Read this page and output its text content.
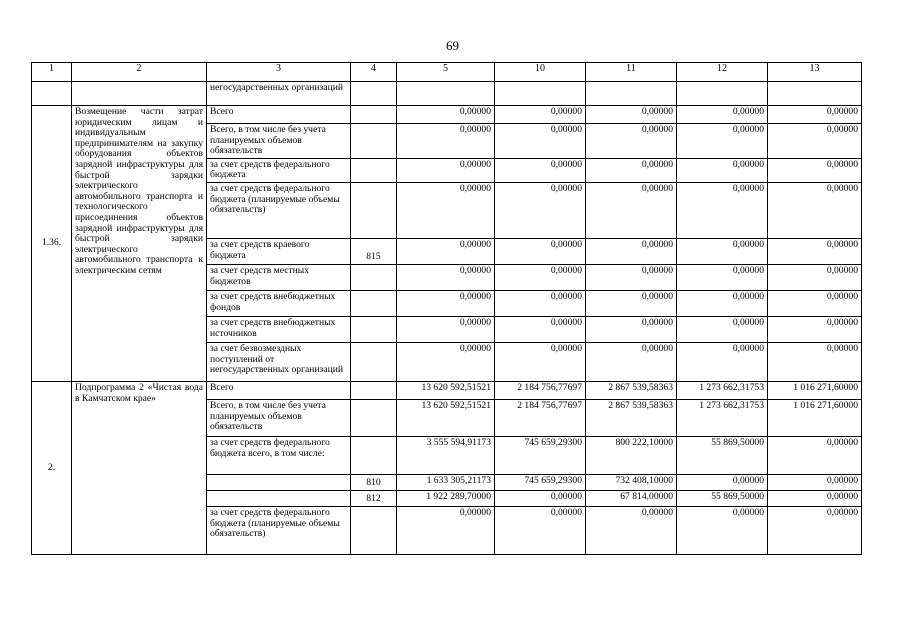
69
1	2	3	4	5	10	11	12	13
		негосударственных организаций						
1.36.	Возмещение части затрат юридическим лицам и индивидуальным предпринимателям на закупку оборудования объектов зарядной инфраструктуры для быстрой зарядки электрического автомобильного транспорта и технологического присоединения объектов зарядной инфраструктуры для быстрой зарядки электрического автомобильного транспорта к электрическим сетям	Всего		0,00000	0,00000	0,00000	0,00000	0,00000
		Всего, в том числе без учета планируемых объемов обязательств		0,00000	0,00000	0,00000	0,00000	0,00000
		за счет средств федерального бюджета		0,00000	0,00000	0,00000	0,00000	0,00000
		за счет средств федерального бюджета (планируемые объемы обязательств)		0,00000	0,00000	0,00000	0,00000	0,00000
		за счет средств краевого бюджета	815	0,00000	0,00000	0,00000	0,00000	0,00000
		за счет средств местных бюджетов		0,00000	0,00000	0,00000	0,00000	0,00000
		за счет средств внебюджетных фондов		0,00000	0,00000	0,00000	0,00000	0,00000
		за счет средств внебюджетных источников		0,00000	0,00000	0,00000	0,00000	0,00000
		за счет безвозмездных поступлений от негосударственных организаций		0,00000	0,00000	0,00000	0,00000	0,00000
2.	Подпрограмма 2 «Чистая вода в Камчатском крае»	Всего		13 620 592,51521	2 184 756,77697	2 867 539,58363	1 273 662,31753	1 016 271,60000
		Всего, в том числе без учета планируемых объемов обязательств		13 620 592,51521	2 184 756,77697	2 867 539,58363	1 273 662,31753	1 016 271,60000
		за счет средств федерального бюджета всего, в том числе:		3 555 594,91173	745 659,29300	800 222,10000	55 869,50000	0,00000
			810	1 633 305,21173	745 659,29300	732 408,10000	0,00000	0,00000
			812	1 922 289,70000	0,00000	67 814,00000	55 869,50000	0,00000
		за счет средств федерального бюджета (планируемые объемы обязательств)		0,00000	0,00000	0,00000	0,00000	0,00000
